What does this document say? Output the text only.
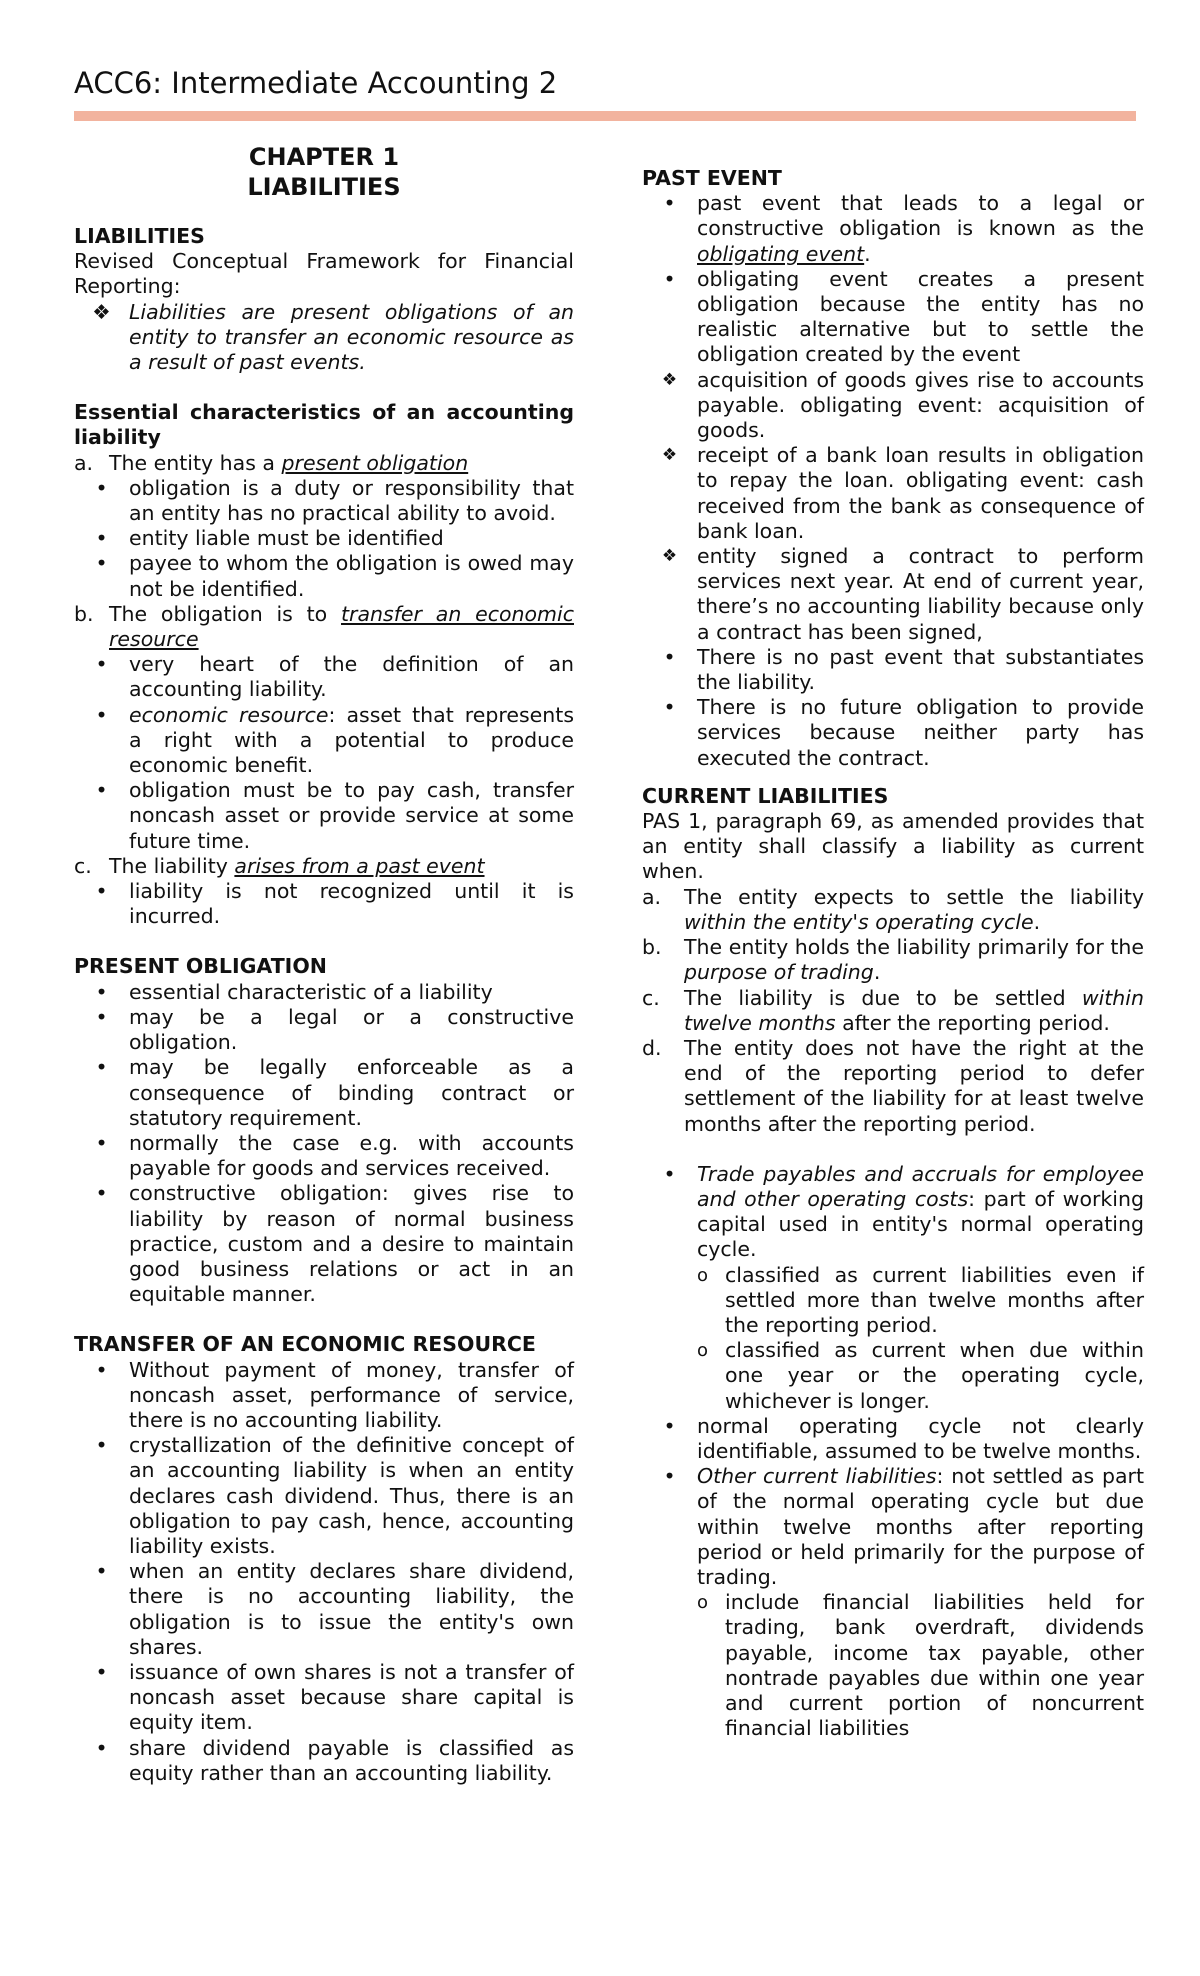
ACC6: Intermediate Accounting 2
CHAPTER 1
LIABILITIES
LIABILITIES
Revised Conceptual Framework for Financial Reporting:
❖ Liabilities are present obligations of an entity to transfer an economic resource as a result of past events.
Essential characteristics of an accounting liability
a. The entity has a present obligation
•	obligation is a duty or responsibility that an entity has no practical ability to avoid.
•	entity liable must be identified
•	payee to whom the obligation is owed may not be identified.
b. The obligation is to transfer an economic resource
•	very heart of the definition of an accounting liability.
•	economic resource: asset that represents a right with a potential to produce economic benefit.
•	obligation must be to pay cash, transfer noncash asset or provide service at some future time.
c. The liability arises from a past event
•	liability is not recognized until it is incurred.
PRESENT OBLIGATION
•	essential characteristic of a liability
•	may be a legal or a constructive obligation.
•	may be legally enforceable as a consequence of binding contract or statutory requirement.
•	normally the case e.g. with accounts payable for goods and services received.
•	constructive obligation: gives rise to liability by reason of normal business practice, custom and a desire to maintain good business relations or act in an equitable manner.
TRANSFER OF AN ECONOMIC RESOURCE
•	Without payment of money, transfer of noncash asset, performance of service, there is no accounting liability.
•	crystallization of the definitive concept of an accounting liability is when an entity declares cash dividend. Thus, there is an obligation to pay cash, hence, accounting liability exists.
•	when an entity declares share dividend, there is no accounting liability, the obligation is to issue the entity's own shares.
•	issuance of own shares is not a transfer of noncash asset because share capital is equity item.
•	share dividend payable is classified as equity rather than an accounting liability.
PAST EVENT
•	past event that leads to a legal or constructive obligation is known as the obligating event.
•	obligating event creates a present obligation because the entity has no realistic alternative but to settle the obligation created by the event
❖ acquisition of goods gives rise to accounts payable. obligating event: acquisition of goods.
❖ receipt of a bank loan results in obligation to repay the loan. obligating event: cash received from the bank as consequence of bank loan.
❖ entity signed a contract to perform services next year. At end of current year, there’s no accounting liability because only a contract has been signed,
•	There is no past event that substantiates the liability.
•	There is no future obligation to provide services because neither party has executed the contract.
CURRENT LIABILITIES
PAS 1, paragraph 69, as amended provides that an entity shall classify a liability as current when.
a.	The entity expects to settle the liability within the entity's operating cycle.
b.	The entity holds the liability primarily for the purpose of trading.
c.	The liability is due to be settled within twelve months after the reporting period.
d.	The entity does not have the right at the end of the reporting period to defer settlement of the liability for at least twelve months after the reporting period.
•	Trade payables and accruals for employee and other operating costs: part of working capital used in entity's normal operating cycle.
o classified as current liabilities even if settled more than twelve months after the reporting period.
o classified as current when due within one year or the operating cycle, whichever is longer.
•	normal operating cycle not clearly identifiable, assumed to be twelve months.
•	Other current liabilities: not settled as part of the normal operating cycle but due within twelve months after reporting period or held primarily for the purpose of trading.
o include financial liabilities held for trading, bank overdraft, dividends payable, income tax payable, other nontrade payables due within one year and current portion of noncurrent financial liabilities
